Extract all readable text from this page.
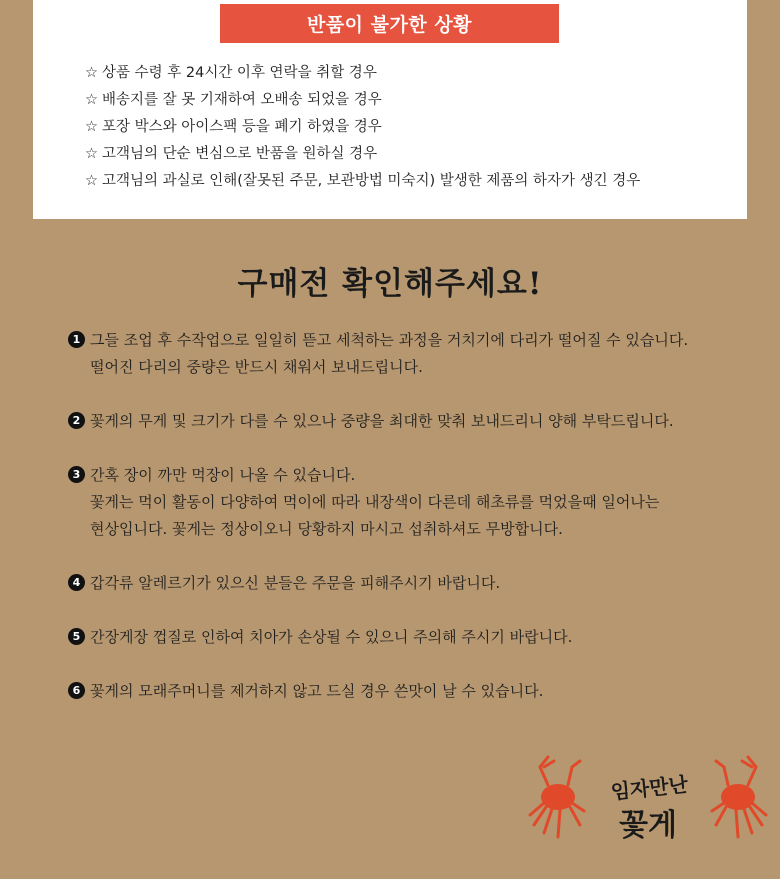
반품이 불가한 상황
☆ 상품 수령 후 24시간 이후 연락을 취할 경우
☆ 배송지를 잘 못 기재하여 오배송 되었을 경우
☆ 포장 박스와 아이스팩 등을 폐기 하였을 경우
☆ 고객님의 단순 변심으로 반품을 원하실 경우
☆ 고객님의 과실로 인해(잘못된 주문, 보관방법 미숙지) 발생한 제품의 하자가 생긴 경우
구매전 확인해주세요!
1 그들 조업 후 수작업으로 일일히 뜯고 세척하는 과정을 거치기에 다리가 떨어질 수 있습니다.
떨어진 다리의 중량은 반드시 채워서 보내드립니다.
2 꽃게의 무게 및 크기가 다를 수 있으나 중량을 최대한 맞춰 보내드리니 양해 부탁드립니다.
3 간혹 장이 까만 먹장이 나올 수 있습니다.
꽃게는 먹이 활동이 다양하여 먹이에 따라 내장색이 다른데 해초류를 먹었을때 일어나는
현상입니다. 꽃게는 정상이오니 당황하지 마시고 섭취하셔도 무방합니다.
4 갑각류 알레르기가 있으신 분들은 주문을 피해주시기 바랍니다.
5 간장게장 껍질로 인하여 치아가 손상될 수 있으니 주의해 주시기 바랍니다.
6 꽃게의 모래주머니를 제거하지 않고 드실 경우 쓴맛이 날 수 있습니다.
임자만난
꽃게
